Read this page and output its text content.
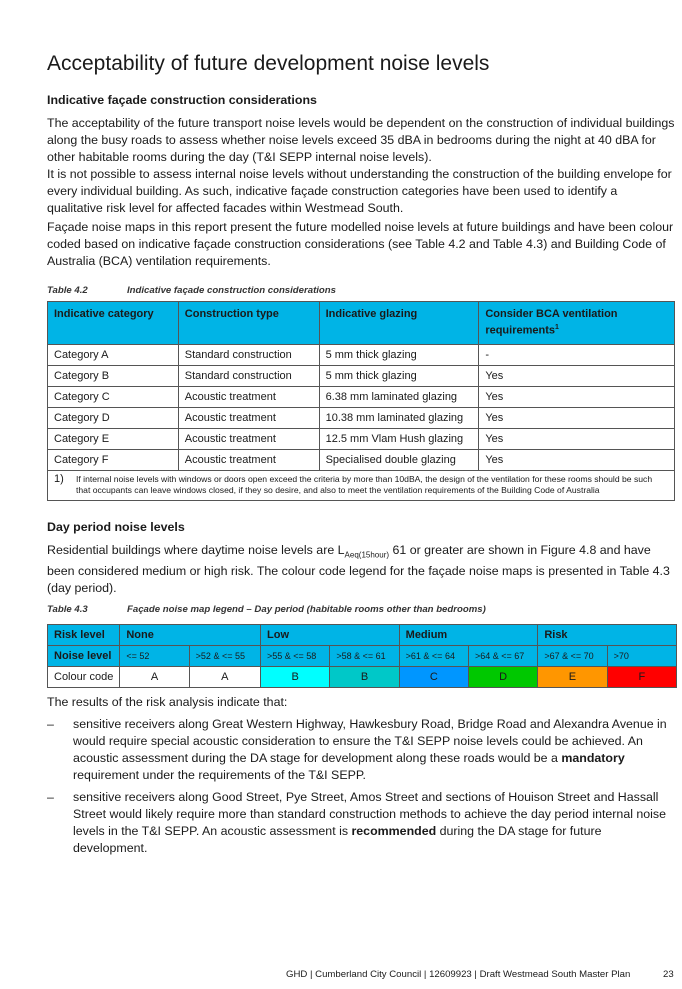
Acceptability of future development noise levels
Indicative façade construction considerations

The acceptability of the future transport noise levels would be dependent on the construction of individual buildings along the busy roads to assess whether noise levels exceed 35 dBA in bedrooms during the night at 40 dBA for other habitable rooms during the day (T&I SEPP internal noise levels).

It is not possible to assess internal noise levels without understanding the construction of the building envelope for every individual building. As such, indicative façade construction categories have been used to identify a qualitative risk level for affected facades within Westmead South.

Façade noise maps in this report present the future modelled noise levels at future buildings and have been colour coded based on indicative façade construction considerations (see Table 4.2 and Table 4.3) and Building Code of Australia (BCA) ventilation requirements.

Table 4.2	Indicative façade construction considerations
Indicative category	Construction type	Indicative glazing	Consider BCA ventilation requirements$^1$
Category A	Standard construction	5 mm thick glazing	-
Category B	Standard construction	5 mm thick glazing	Yes
Category C	Acoustic treatment	6.38 mm laminated glazing	Yes
Category D	Acoustic treatment	10.38 mm laminated glazing	Yes
Category E	Acoustic treatment	12.5 mm Vlam Hush glazing	Yes
Category F	Acoustic treatment	Specialised double glazing	Yes
1) If internal noise levels with windows or doors open exceed the criteria by more than 10dBA, the design of the ventilation for these rooms should be such that occupants can leave windows closed, if they so desire, and also to meet the ventilation requirements of the Building Code of Australia			
Day period noise levels

Residential buildings where daytime noise levels are $L_{Aeq(15hour)}$ 61 or greater are shown in Figure 4.8 and have been considered medium or high risk. The colour code legend for the façade noise maps is presented in Table 4.3 (day period).

Table 4.3	Façade noise map legend – Day period (habitable rooms other than bedrooms)
Risk level	None		Low		Medium		Risk	
Noise level	<= 52	>52 & <= 55	>55 & <= 58	>58 & <= 61	>61 & <= 64	>64 & <= 67	>67 & <= 70	>70
Colour code	A	A	B	B	C	D	E	F

The results of the risk analysis indicate that:

– sensitive receivers along Great Western Highway, Hawkesbury Road, Bridge Road and Alexandra Avenue in would require special acoustic consideration to ensure the T&I SEPP noise levels could be achieved. An acoustic assessment during the DA stage for development along these roads would be a mandatory requirement under the requirements of the T&I SEPP.
– sensitive receivers along Good Street, Pye Street, Amos Street and sections of Houison Street and Hassall Street would likely require more than standard construction methods to achieve the day period internal noise levels in the T&I SEPP. An acoustic assessment is recommended during the DA stage for future development.
GHD | Cumberland City Council | 12609923 | Draft Westmead South Master Plan	23
